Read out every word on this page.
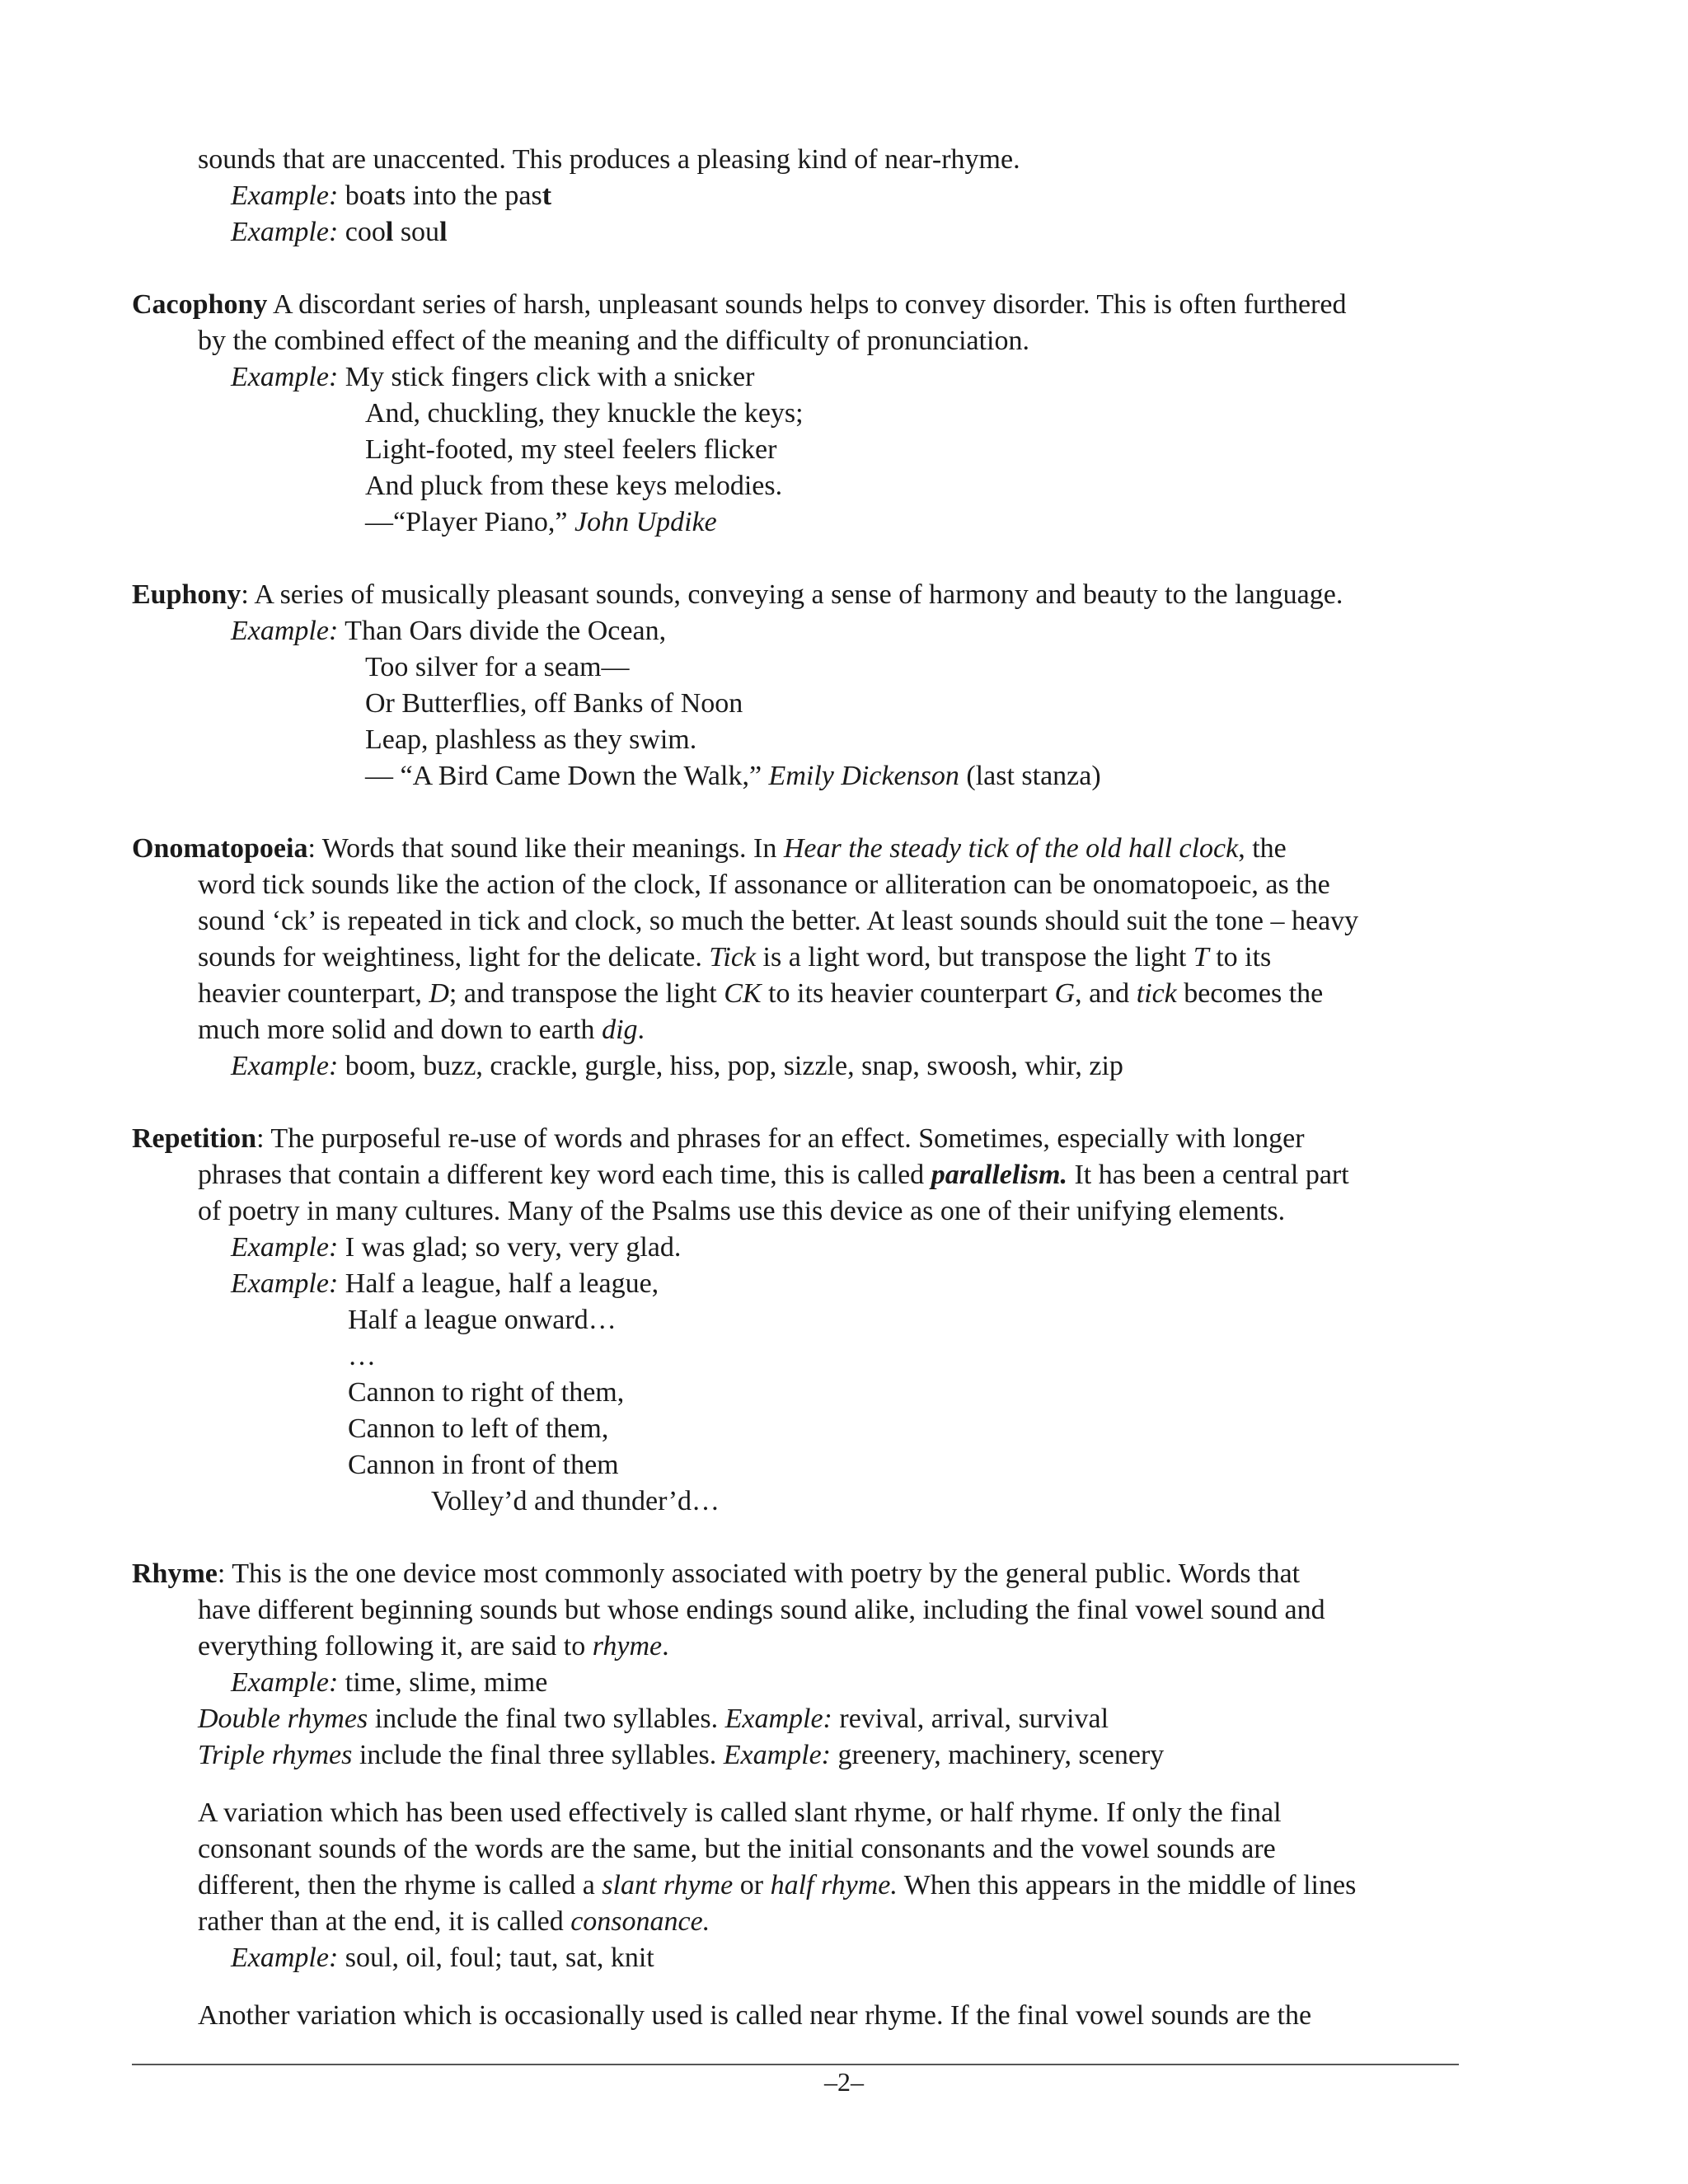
sounds that are unaccented. This produces a pleasing kind of near-rhyme.
Example: boats into the past
Example: cool soul
Cacophony A discordant series of harsh, unpleasant sounds helps to convey disorder. This is often furthered
by the combined effect of the meaning and the difficulty of pronunciation.
Example: My stick fingers click with a snicker
And, chuckling, they knuckle the keys;
Light-footed, my steel feelers flicker
And pluck from these keys melodies.
—“Player Piano,” John Updike
Euphony: A series of musically pleasant sounds, conveying a sense of harmony and beauty to the language.
Example: Than Oars divide the Ocean,
Too silver for a seam—
Or Butterflies, off Banks of Noon
Leap, plashless as they swim.
— “A Bird Came Down the Walk,” Emily Dickenson (last stanza)
Onomatopoeia: Words that sound like their meanings. In Hear the steady tick of the old hall clock, the
word tick sounds like the action of the clock, If assonance or alliteration can be onomatopoeic, as the
sound ‘ck’ is repeated in tick and clock, so much the better. At least sounds should suit the tone – heavy
sounds for weightiness, light for the delicate. Tick is a light word, but transpose the light T to its
heavier counterpart, D; and transpose the light CK to its heavier counterpart G, and tick becomes the
much more solid and down to earth dig.
Example: boom, buzz, crackle, gurgle, hiss, pop, sizzle, snap, swoosh, whir, zip
Repetition: The purposeful re-use of words and phrases for an effect. Sometimes, especially with longer
phrases that contain a different key word each time, this is called parallelism. It has been a central part
of poetry in many cultures. Many of the Psalms use this device as one of their unifying elements.
Example: I was glad; so very, very glad.
Example: Half a league, half a league,
Half a league onward…
…
Cannon to right of them,
Cannon to left of them,
Cannon in front of them
Volley’d and thunder’d…
Rhyme: This is the one device most commonly associated with poetry by the general public. Words that
have different beginning sounds but whose endings sound alike, including the final vowel sound and
everything following it, are said to rhyme.
Example: time, slime, mime
Double rhymes include the final two syllables. Example: revival, arrival, survival
Triple rhymes include the final three syllables. Example: greenery, machinery, scenery
A variation which has been used effectively is called slant rhyme, or half rhyme. If only the final
consonant sounds of the words are the same, but the initial consonants and the vowel sounds are
different, then the rhyme is called a slant rhyme or half rhyme. When this appears in the middle of lines
rather than at the end, it is called consonance.
Example: soul, oil, foul; taut, sat, knit
Another variation which is occasionally used is called near rhyme. If the final vowel sounds are the
–2–
